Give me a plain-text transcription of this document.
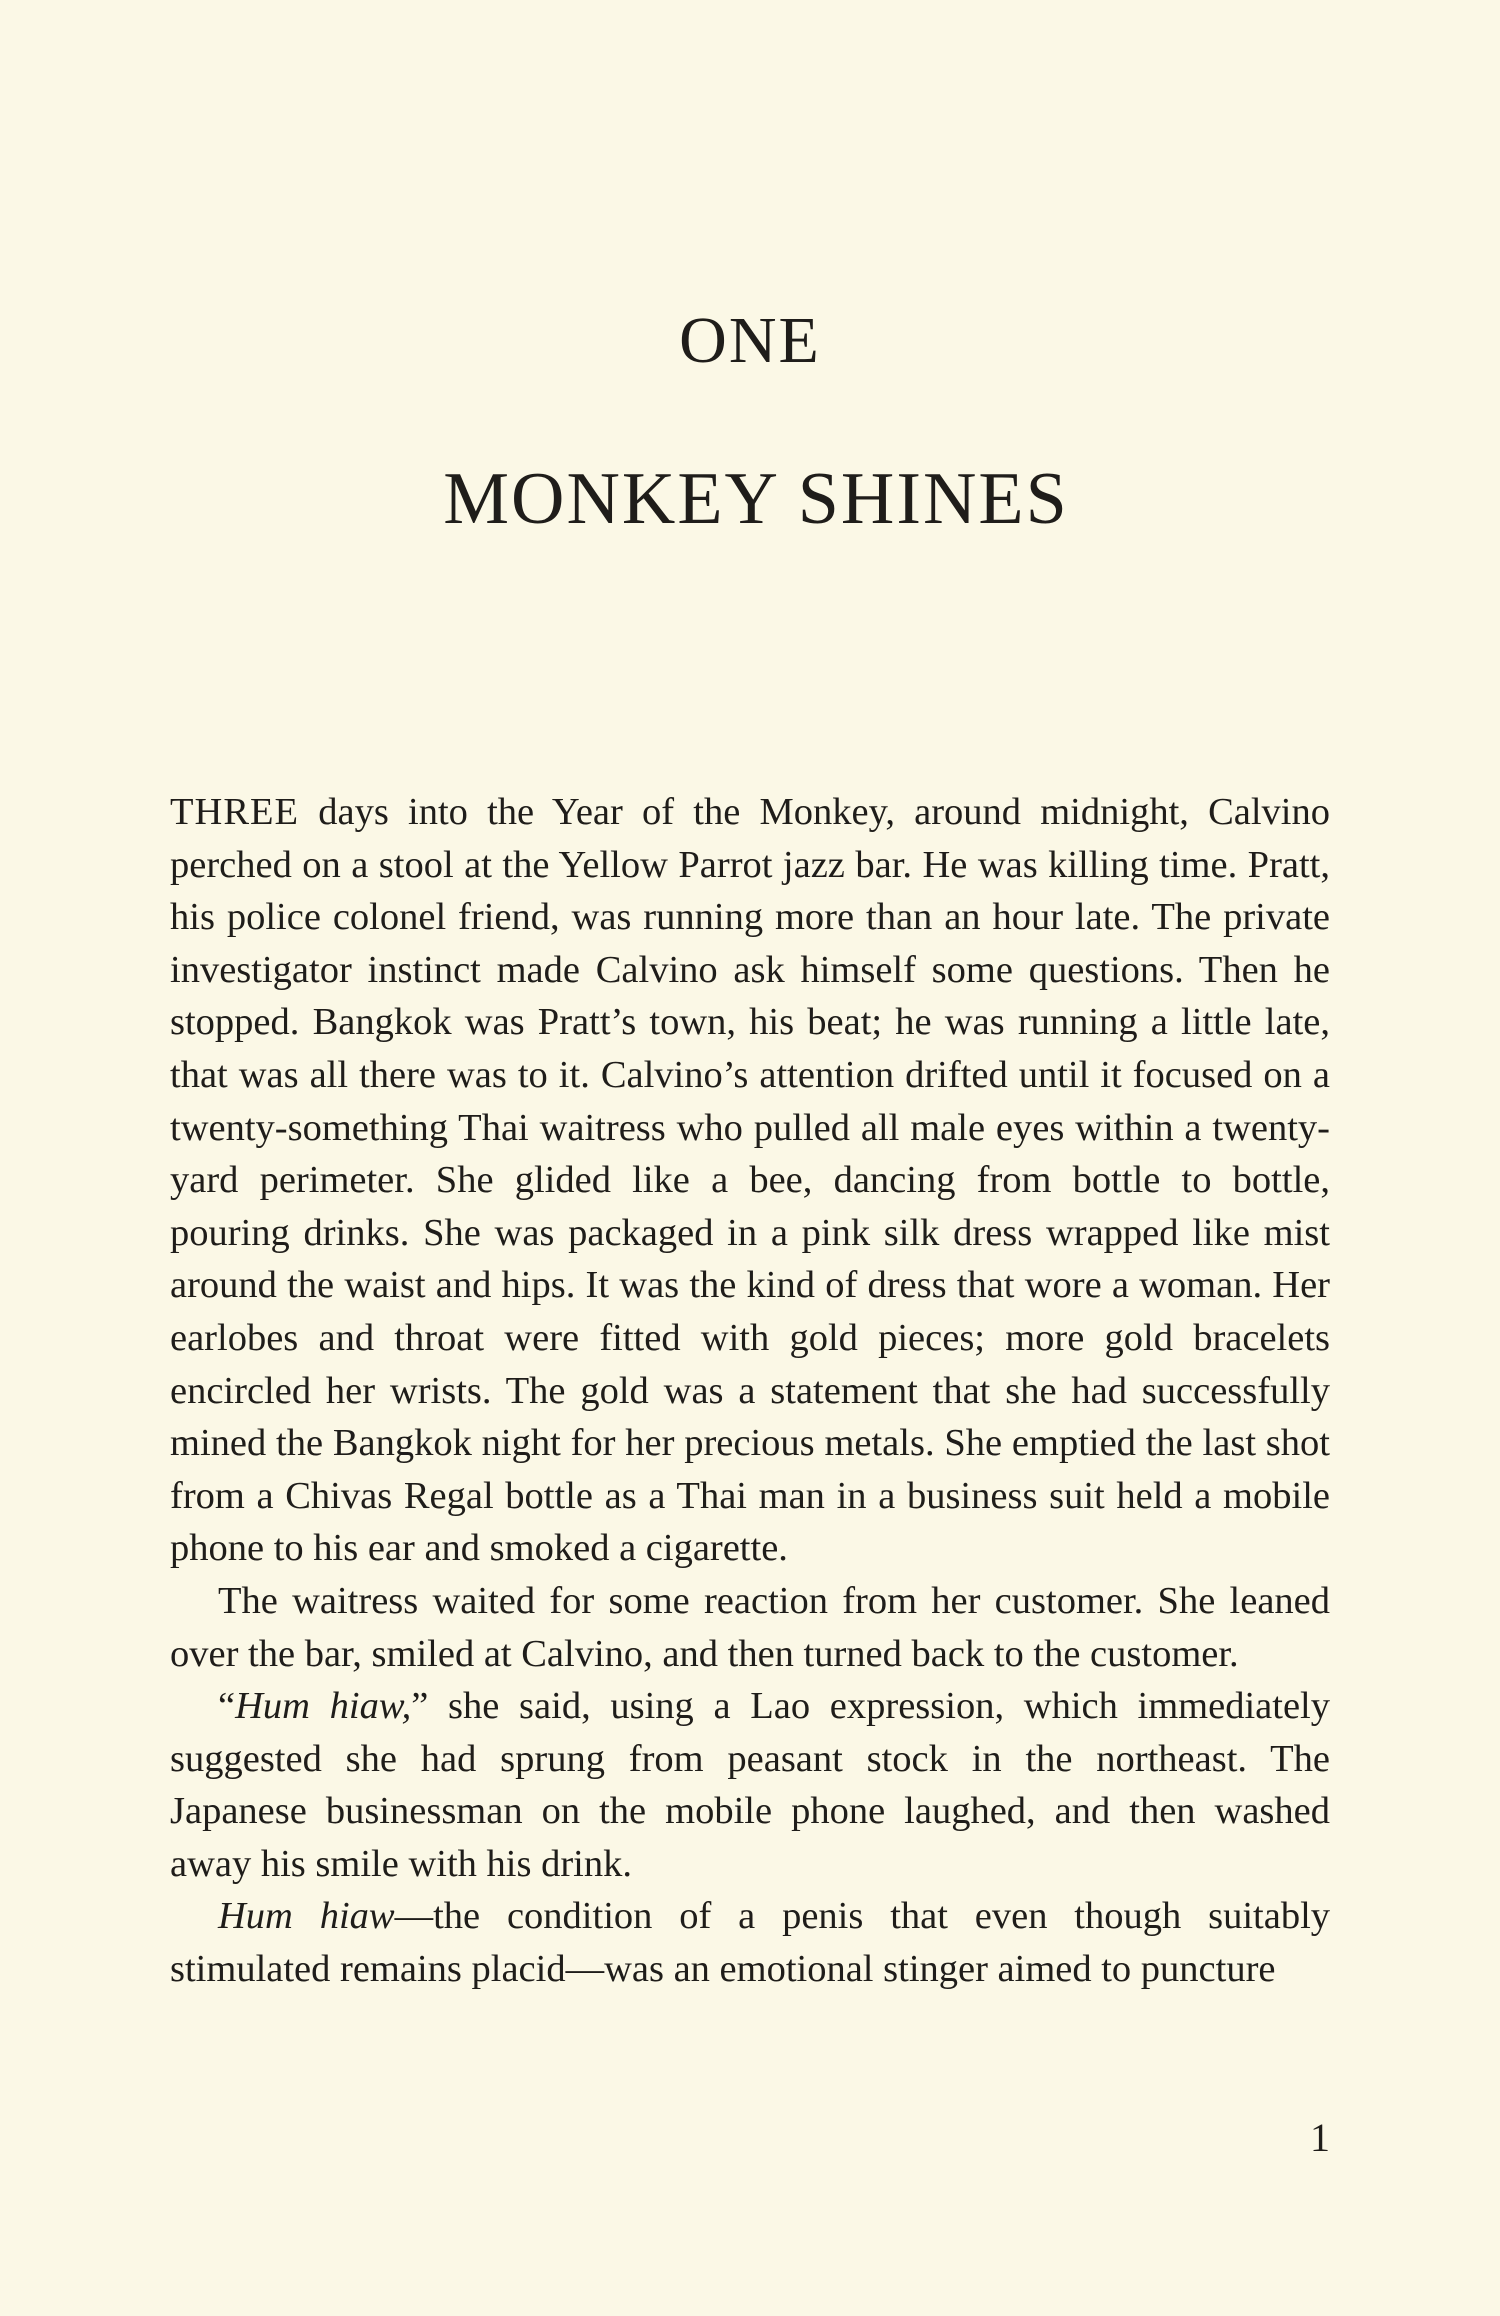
ONE
MONKEY SHINES

THREE days into the Year of the Monkey, around midnight, Calvino perched on a stool at the Yellow Parrot jazz bar. He was killing time. Pratt, his police colonel friend, was running more than an hour late. The private investigator instinct made Calvino ask himself some questions. Then he stopped. Bangkok was Pratt’s town, his beat; he was running a little late, that was all there was to it. Calvino’s attention drifted until it focused on a twenty-something Thai waitress who pulled all male eyes within a twenty-yard perimeter. She glided like a bee, dancing from bottle to bottle, pouring drinks. She was packaged in a pink silk dress wrapped like mist around the waist and hips. It was the kind of dress that wore a woman. Her earlobes and throat were fitted with gold pieces; more gold bracelets encircled her wrists. The gold was a statement that she had successfully mined the Bangkok night for her precious metals. She emptied the last shot from a Chivas Regal bottle as a Thai man in a business suit held a mobile phone to his ear and smoked a cigarette.

The waitress waited for some reaction from her customer. She leaned over the bar, smiled at Calvino, and then turned back to the customer.

“Hum hiaw,” she said, using a Lao expression, which immediately suggested she had sprung from peasant stock in the northeast. The Japanese businessman on the mobile phone laughed, and then washed away his smile with his drink.

Hum hiaw—the condition of a penis that even though suitably stimulated remains placid—was an emotional stinger aimed to puncture

1
